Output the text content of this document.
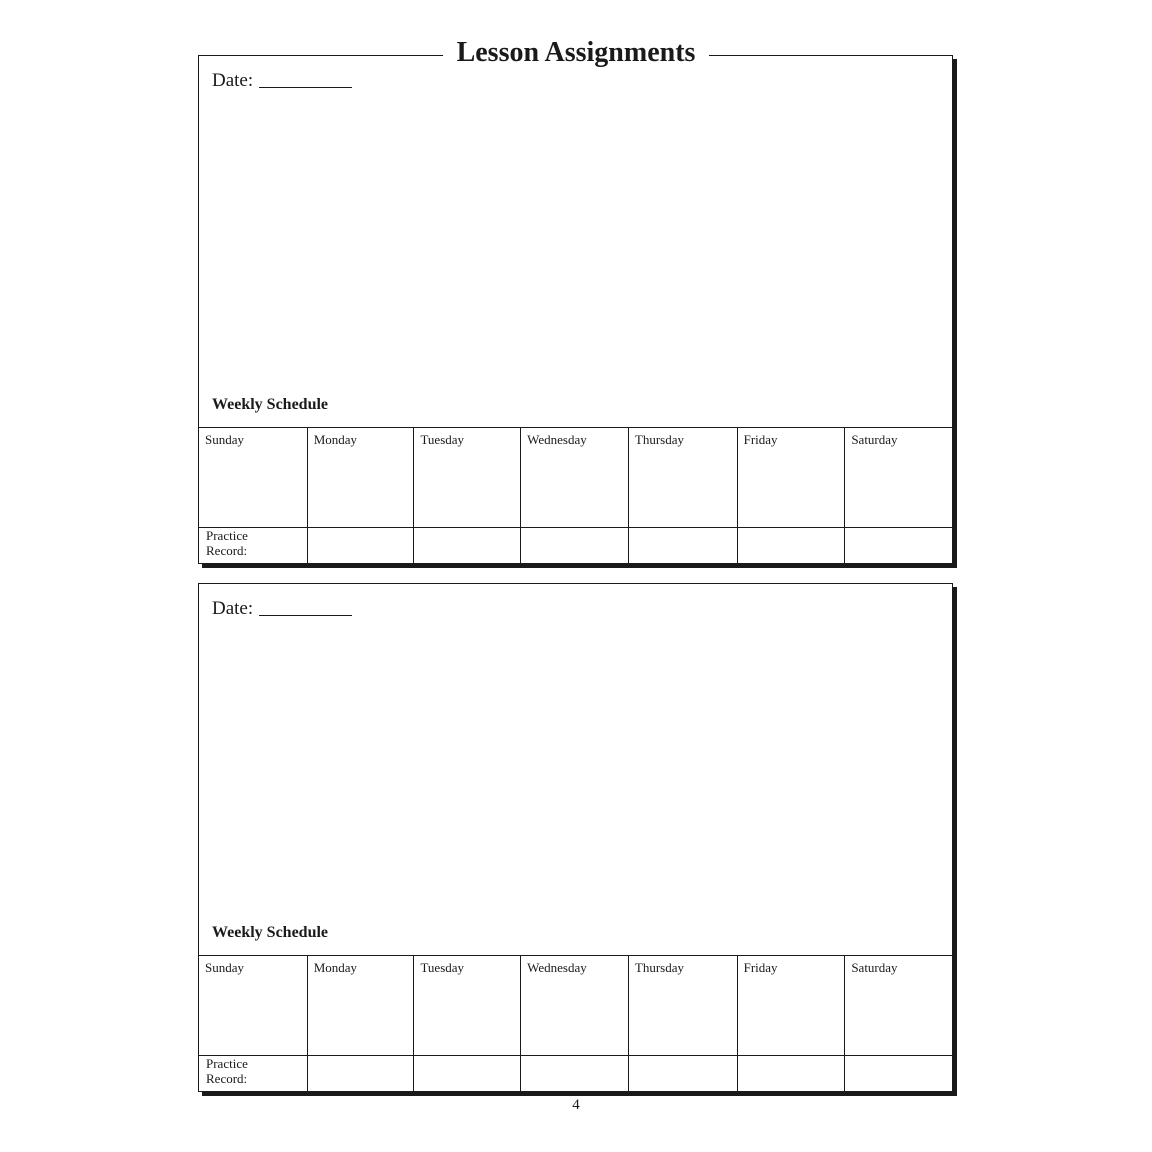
Lesson Assignments
Date:
Weekly Schedule
Sunday	Monday	Tuesday	Wednesday	Thursday	Friday	Saturday
Practice
Record:
Date:
Weekly Schedule
Sunday	Monday	Tuesday	Wednesday	Thursday	Friday	Saturday
Practice
Record:
4
